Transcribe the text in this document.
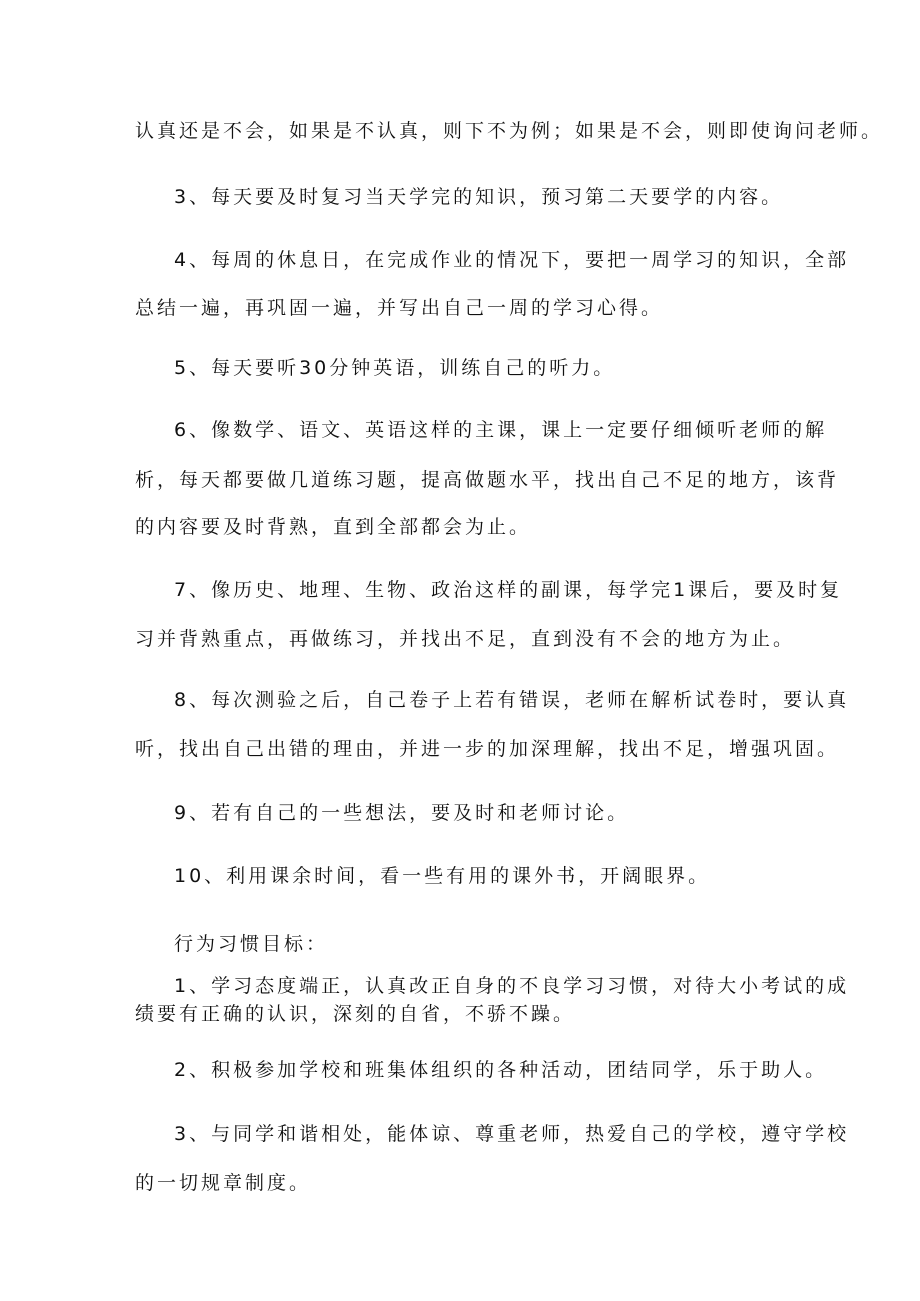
认真还是不会，如果是不认真，则下不为例；如果是不会，则即使询问老师。
3、每天要及时复习当天学完的知识，预习第二天要学的内容。
4、每周的休息日，在完成作业的情况下，要把一周学习的知识，全部
总结一遍，再巩固一遍，并写出自己一周的学习心得。
5、每天要听30分钟英语，训练自己的听力。
6、像数学、语文、英语这样的主课，课上一定要仔细倾听老师的解
析，每天都要做几道练习题，提高做题水平，找出自己不足的地方，该背
的内容要及时背熟，直到全部都会为止。
7、像历史、地理、生物、政治这样的副课，每学完1课后，要及时复
习并背熟重点，再做练习，并找出不足，直到没有不会的地方为止。
8、每次测验之后，自己卷子上若有错误，老师在解析试卷时，要认真
听，找出自己出错的理由，并进一步的加深理解，找出不足，增强巩固。
9、若有自己的一些想法，要及时和老师讨论。
10、利用课余时间，看一些有用的课外书，开阔眼界。
行为习惯目标：
1、学习态度端正，认真改正自身的不良学习习惯，对待大小考试的成
绩要有正确的认识，深刻的自省，不骄不躁。
2、积极参加学校和班集体组织的各种活动，团结同学，乐于助人。
3、与同学和谐相处，能体谅、尊重老师，热爱自己的学校，遵守学校
的一切规章制度。
